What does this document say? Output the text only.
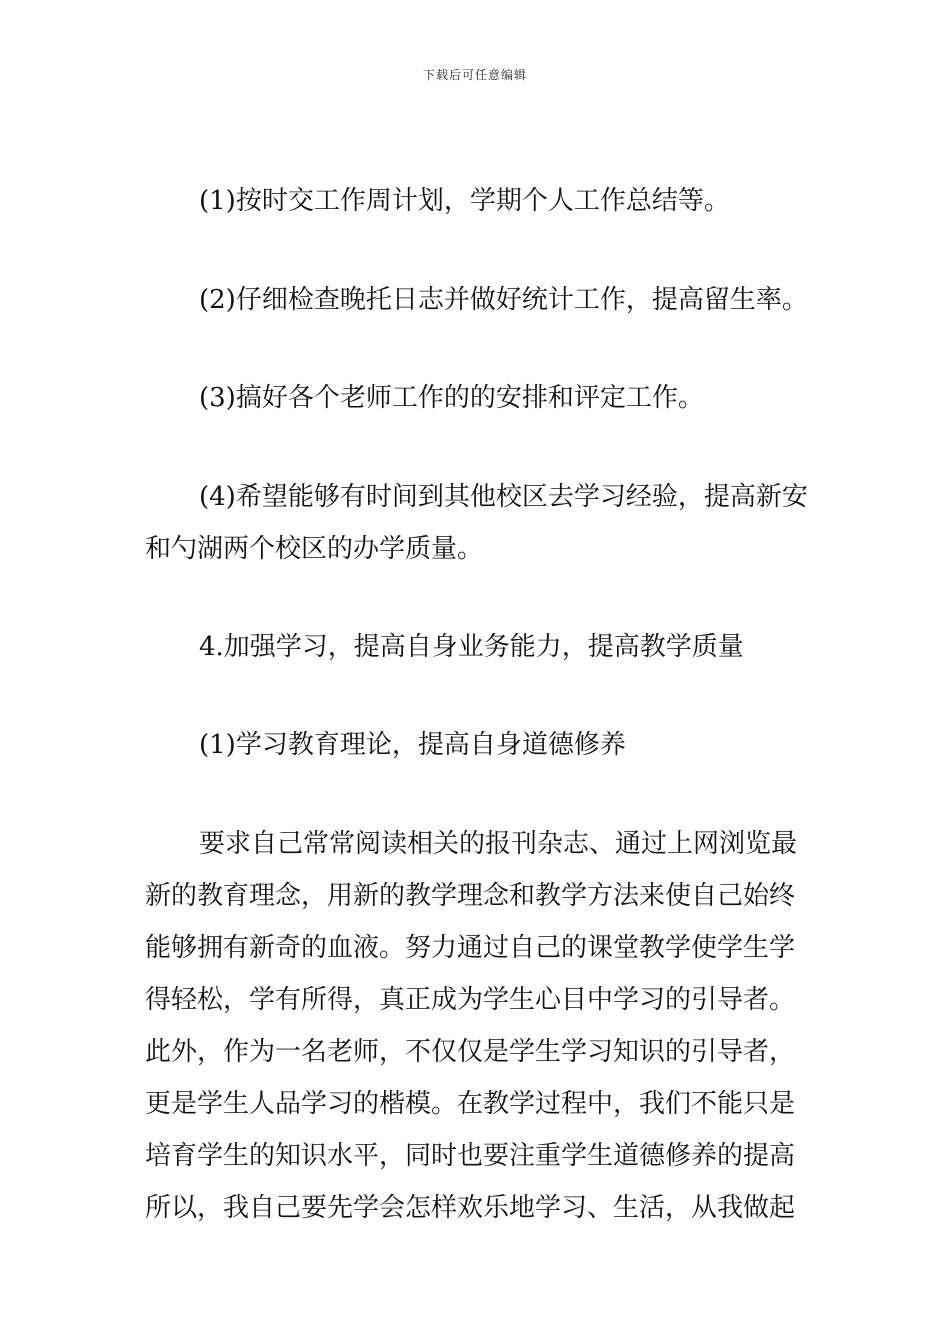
下载后可任意编辑

(1)按时交工作周计划，学期个人工作总结等。

(2)仔细检查晚托日志并做好统计工作，提高留生率。

(3)搞好各个老师工作的的安排和评定工作。

(4)希望能够有时间到其他校区去学习经验，提高新安和勺湖两个校区的办学质量。

4.加强学习，提高自身业务能力，提高教学质量

(1)学习教育理论，提高自身道德修养

要求自己常常阅读相关的报刊杂志、通过上网浏览最新的教育理念，用新的教学理念和教学方法来使自己始终能够拥有新奇的血液。努力通过自己的课堂教学使学生学得轻松，学有所得，真正成为学生心目中学习的引导者。此外，作为一名老师，不仅仅是学生学习知识的引导者，更是学生人品学习的楷模。在教学过程中，我们不能只是培育学生的知识水平，同时也要注重学生道德修养的提高所以，我自己要先学会怎样欢乐地学习、生活，从我做起
